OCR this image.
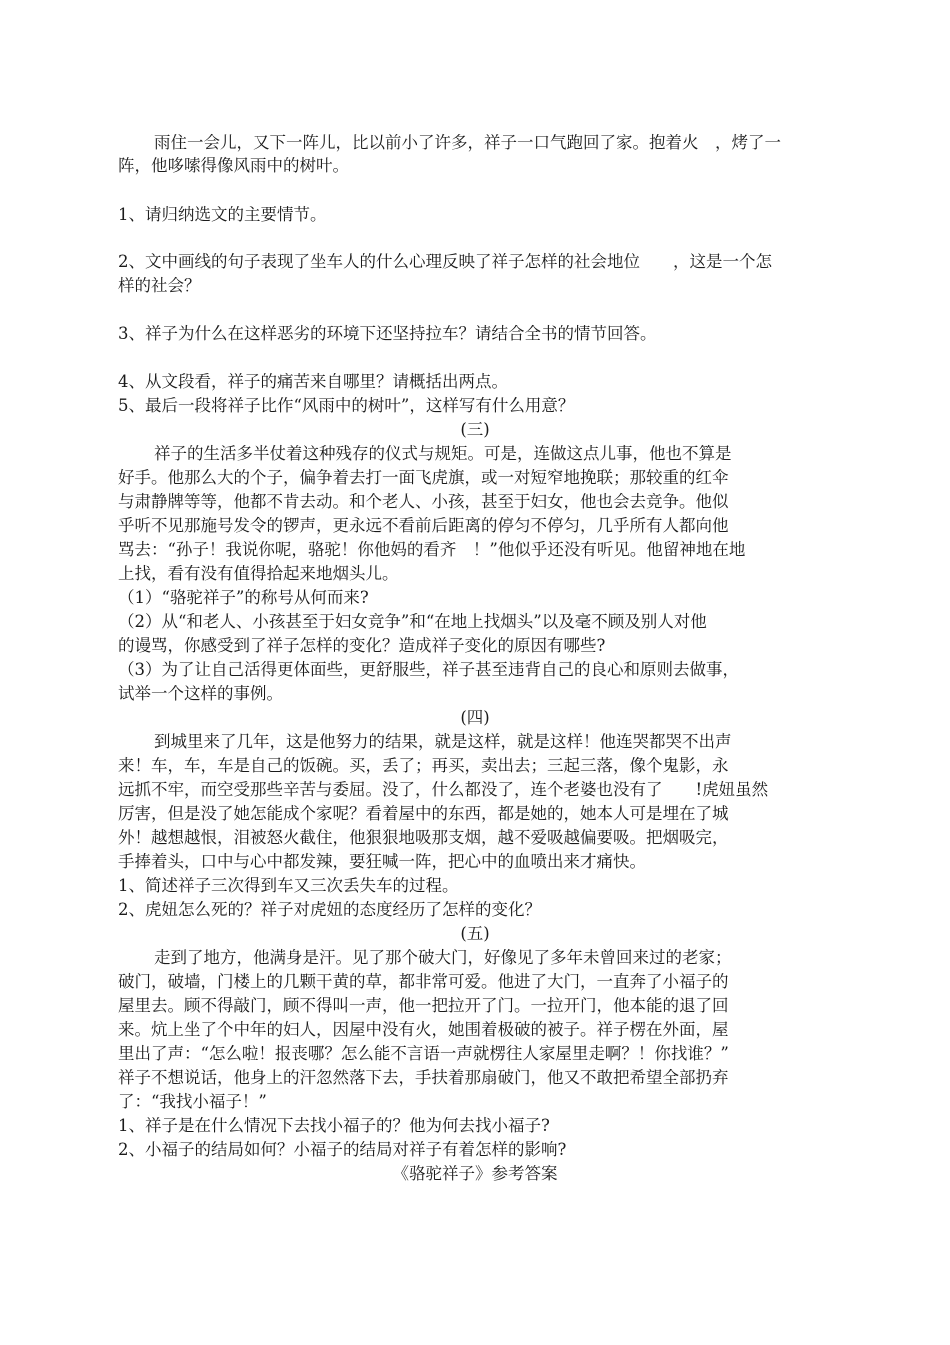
雨住一会儿，又下一阵儿，比以前小了许多，祥子一口气跑回了家。抱着火　，烤了一
阵，他哆嗦得像风雨中的树叶。
1、请归纳选文的主要情节。
2、文中画线的句子表现了坐车人的什么心理反映了祥子怎样的社会地位　　，这是一个怎
样的社会？
3、祥子为什么在这样恶劣的环境下还坚持拉车？请结合全书的情节回答。
4、从文段看，祥子的痛苦来自哪里？请概括出两点。
5、最后一段将祥子比作“风雨中的树叶”，这样写有什么用意？
(三)
祥子的生活多半仗着这种残存的仪式与规矩。可是，连做这点儿事，他也不算是
好手。他那么大的个子，偏争着去打一面飞虎旗，或一对短窄地挽联；那较重的红伞
与肃静牌等等，他都不肯去动。和个老人、小孩，甚至于妇女，他也会去竞争。他似
乎听不见那施号发令的锣声，更永远不看前后距离的停匀不停匀，几乎所有人都向他
骂去：“孙子！我说你呢，骆驼！你他妈的看齐　！”他似乎还没有听见。他留神地在地
上找，看有没有值得拾起来地烟头儿。
（1）“骆驼祥子”的称号从何而来?
（2）从“和老人、小孩甚至于妇女竞争”和“在地上找烟头”以及毫不顾及别人对他
的谩骂，你感受到了祥子怎样的变化？造成祥子变化的原因有哪些?
（3）为了让自己活得更体面些，更舒服些，祥子甚至违背自己的良心和原则去做事，
试举一个这样的事例。
(四)
到城里来了几年，这是他努力的结果，就是这样，就是这样！他连哭都哭不出声
来！车，车，车是自己的饭碗。买，丢了；再买，卖出去；三起三落，像个鬼影，永
远抓不牢，而空受那些辛苦与委屈。没了，什么都没了，连个老婆也没有了　　!虎妞虽然
厉害，但是没了她怎能成个家呢？看着屋中的东西，都是她的，她本人可是埋在了城
外！越想越恨，泪被怒火截住，他狠狠地吸那支烟，越不爱吸越偏要吸。把烟吸完，
手捧着头，口中与心中都发辣，要狂喊一阵，把心中的血喷出来才痛快。
1、简述祥子三次得到车又三次丢失车的过程。
2、虎妞怎么死的？祥子对虎妞的态度经历了怎样的变化？
(五)
走到了地方，他满身是汗。见了那个破大门，好像见了多年未曾回来过的老家；
破门，破墙，门楼上的几颗干黄的草，都非常可爱。他进了大门，一直奔了小福子的
屋里去。顾不得敲门，顾不得叫一声，他一把拉开了门。一拉开门，他本能的退了回
来。炕上坐了个中年的妇人，因屋中没有火，她围着极破的被子。祥子楞在外面，屋
里出了声：“怎么啦！报丧哪？怎么能不言语一声就楞往人家屋里走啊？！你找谁？”
祥子不想说话，他身上的汗忽然落下去，手扶着那扇破门，他又不敢把希望全部扔弃
了：“我找小福子！”
1、祥子是在什么情况下去找小福子的？他为何去找小福子?
2、小福子的结局如何？小福子的结局对祥子有着怎样的影响?
《骆驼祥子》参考答案
